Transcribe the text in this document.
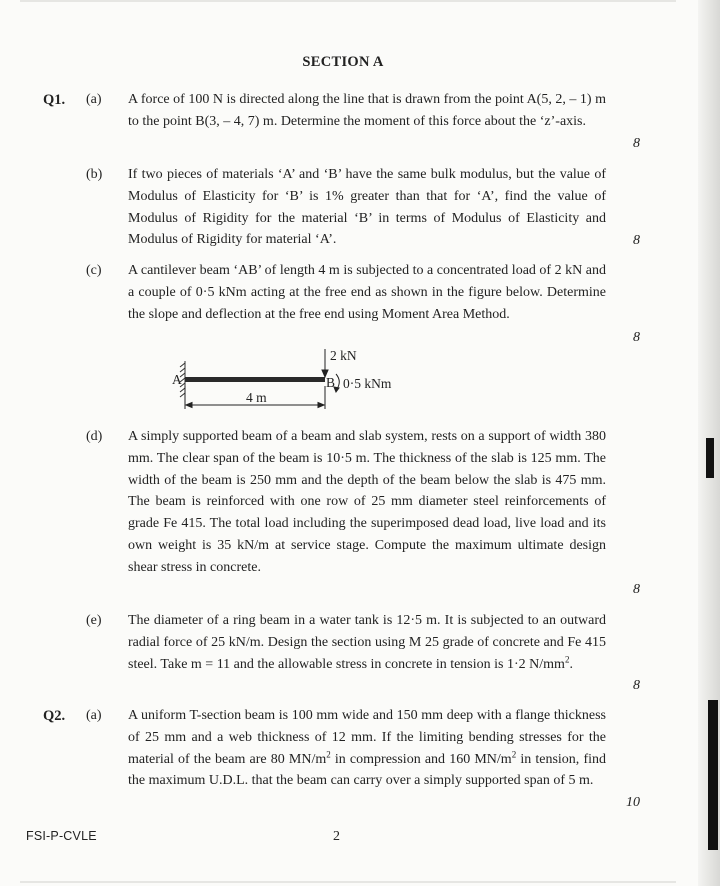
SECTION A
Q1. (a) A force of 100 N is directed along the line that is drawn from the point A(5, 2, – 1) m to the point B(3, – 4, 7) m. Determine the moment of this force about the ‘z’-axis.
8
(b) If two pieces of materials ‘A’ and ‘B’ have the same bulk modulus, but the value of Modulus of Elasticity for ‘B’ is 1% greater than that for ‘A’, find the value of Modulus of Rigidity for the material ‘B’ in terms of Modulus of Elasticity and Modulus of Rigidity for material ‘A’.	8
(c) A cantilever beam ‘AB’ of length 4 m is subjected to a concentrated load of 2 kN and a couple of 0·5 kNm acting at the free end as shown in the figure below. Determine the slope and deflection at the free end using Moment Area Method.
8
2 kN
A	B 0·5 kNm
4 m
(d) A simply supported beam of a beam and slab system, rests on a support of width 380 mm. The clear span of the beam is 10·5 m. The thickness of the slab is 125 mm. The width of the beam is 250 mm and the depth of the beam below the slab is 475 mm. The beam is reinforced with one row of 25 mm diameter steel reinforcements of grade Fe 415. The total load including the superimposed dead load, live load and its own weight is 35 kN/m at service stage. Compute the maximum ultimate design shear stress in concrete.
8
(e) The diameter of a ring beam in a water tank is 12·5 m. It is subjected to an outward radial force of 25 kN/m. Design the section using M 25 grade of concrete and Fe 415 steel. Take m = 11 and the allowable stress in concrete in tension is 1·2 $N/mm^2$.
8
Q2. (a) A uniform T-section beam is 100 mm wide and 150 mm deep with a flange thickness of 25 mm and a web thickness of 12 mm. If the limiting bending stresses for the material of the beam are 80 $MN/m^2$ in compression and 160 $MN/m^2$ in tension, find the maximum U.D.L. that the beam can carry over a simply supported span of 5 m.
10
FSI-P-CVLE	2
